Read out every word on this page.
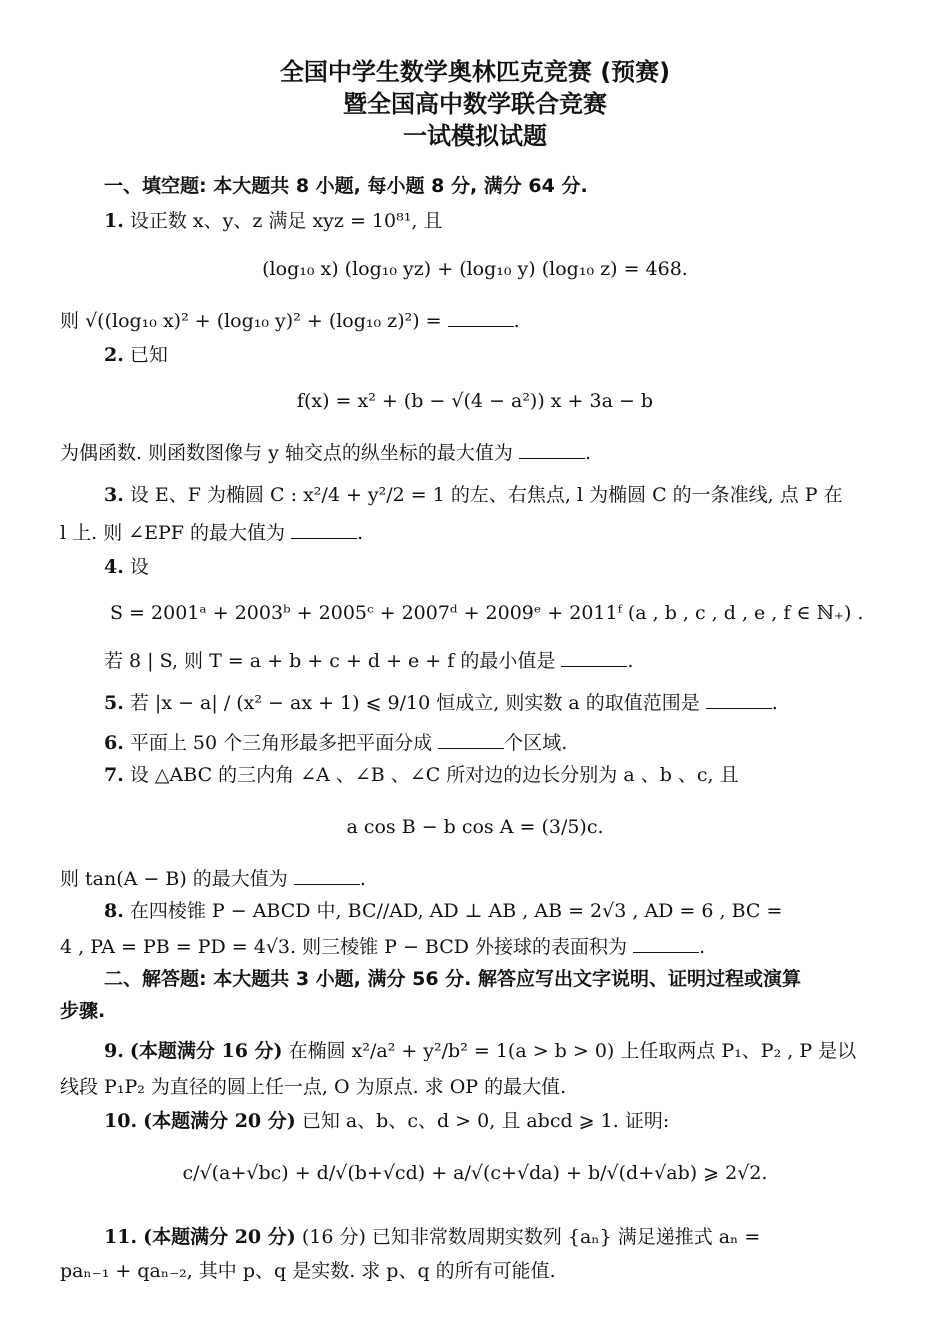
全国中学生数学奥林匹克竞赛 (预赛)
暨全国高中数学联合竞赛
一试模拟试题
一、填空题: 本大题共 8 小题, 每小题 8 分, 满分 64 分.
1. 设正数 x、y、z 满足 xyz = 10⁸¹, 且
(log₁₀ x) (log₁₀ yz) + (log₁₀ y) (log₁₀ z) = 468.
则 √((log₁₀ x)² + (log₁₀ y)² + (log₁₀ z)²) =	.
2. 已知
f(x) = x² + (b − √(4 − a²)) x + 3a − b
为偶函数. 则函数图像与 y 轴交点的纵坐标的最大值为	.
3. 设 E、F 为椭圆 C : x²/4 + y²/2 = 1 的左、右焦点, l 为椭圆 C 的一条准线, 点 P 在
l 上. 则 ∠EPF 的最大值为	.
4. 设
S = 2001ᵃ + 2003ᵇ + 2005ᶜ + 2007ᵈ + 2009ᵉ + 2011ᶠ (a , b , c , d , e , f ∈ ℕ₊) .
若 8 | S, 则 T = a + b + c + d + e + f 的最小值是	.
5. 若 |x − a| / (x² − ax + 1) ⩽ 9/10 恒成立, 则实数 a 的取值范围是	.
6. 平面上 50 个三角形最多把平面分成	个区域.
7. 设 △ABC 的三内角 ∠A 、∠B 、∠C 所对边的边长分别为 a 、b 、c, 且
a cos B − b cos A = (3/5)c.
则 tan(A − B) 的最大值为	.
8. 在四棱锥 P − ABCD 中, BC//AD, AD ⊥ AB , AB = 2√3 , AD = 6 , BC =
4 , PA = PB = PD = 4√3. 则三棱锥 P − BCD 外接球的表面积为	.
二、解答题: 本大题共 3 小题, 满分 56 分. 解答应写出文字说明、证明过程或演算
步骤.
9. (本题满分 16 分) 在椭圆 x²/a² + y²/b² = 1(a > b > 0) 上任取两点 P₁、P₂ , P 是以
线段 P₁P₂ 为直径的圆上任一点, O 为原点. 求 OP 的最大值.
10. (本题满分 20 分) 已知 a、b、c、d > 0, 且 abcd ⩾ 1. 证明:
c/√(a+√bc) + d/√(b+√cd) + a/√(c+√da) + b/√(d+√ab) ⩾ 2√2.
11. (本题满分 20 分) (16 分) 已知非常数周期实数列 {aₙ} 满足递推式 aₙ =
paₙ₋₁ + qaₙ₋₂, 其中 p、q 是实数. 求 p、q 的所有可能值.
